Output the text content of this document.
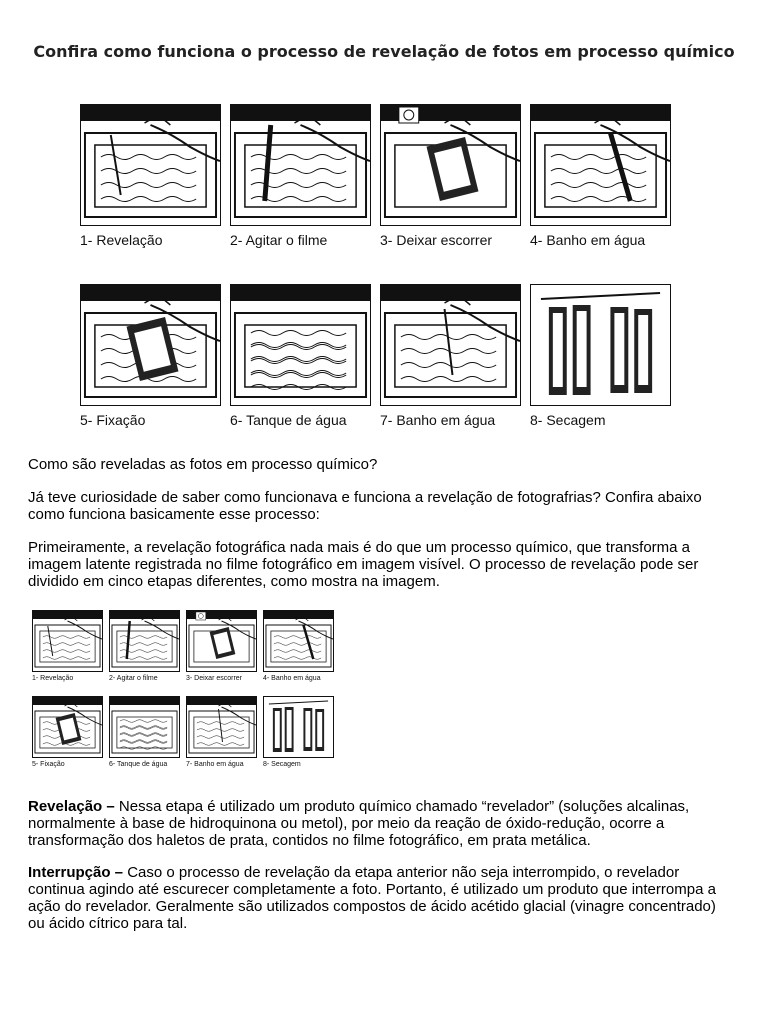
Confira como funciona o processo de revelação de fotos em processo químico
1- Revelação	2- Agitar o filme	3- Deixar escorrer	4- Banho em água
5- Fixação	6- Tanque de água	7- Banho em água	8- Secagem

Como são reveladas as fotos em processo químico?

Já teve curiosidade de saber como funcionava e funciona a revelação de fotografrias? Confira abaixo como funciona basicamente esse processo:

Primeiramente, a revelação fotográfica nada mais é do que um processo químico, que transforma a imagem latente registrada no filme fotográfico em imagem visível. O processo de revelação pode ser dividido em cinco etapas diferentes, como mostra na imagem.

1- Revelação	2- Agitar o filme	3- Deixar escorrer	4- Banho em água
5- Fixação	6- Tanque de água	7- Banho em água	8- Secagem

Revelação – Nessa etapa é utilizado um produto químico chamado “revelador” (soluções alcalinas, normalmente à base de hidroquinona ou metol), por meio da reação de óxido-redução, ocorre a transformação dos haletos de prata, contidos no filme fotográfico, em prata metálica.

Interrupção – Caso o processo de revelação da etapa anterior não seja interrompido, o revelador continua agindo até escurecer completamente a foto. Portanto, é utilizado um produto que interrompa a ação do revelador. Geralmente são utilizados compostos de ácido acétido glacial (vinagre concentrado) ou ácido cítrico para tal.
